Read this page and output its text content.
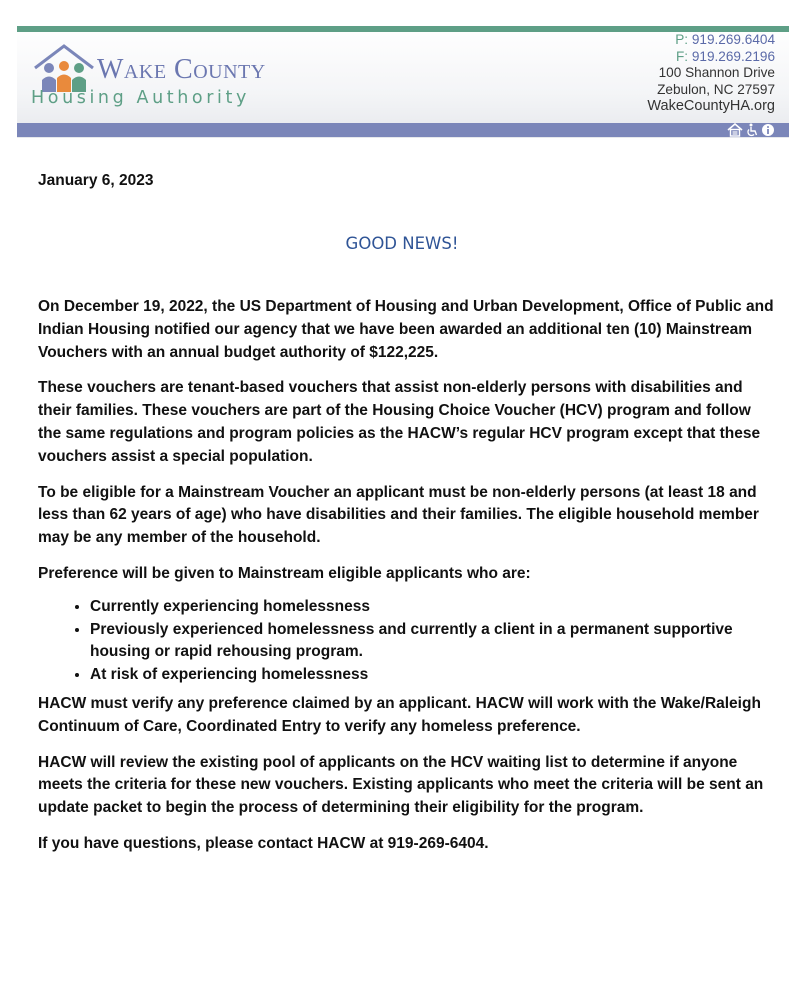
Wake County
Housing Authority
P: 919.269.6404
F: 919.269.2196
100 Shannon Drive
Zebulon, NC 27597
WakeCountyHA.org
January 6, 2023
GOOD NEWS!

On December 19, 2022, the US Department of Housing and Urban Development, Office of Public and Indian Housing notified our agency that we have been awarded an additional ten (10) Mainstream Vouchers with an annual budget authority of $122,225.

These vouchers are tenant-based vouchers that assist non-elderly persons with disabilities and their families. These vouchers are part of the Housing Choice Voucher (HCV) program and follow the same regulations and program policies as the HACW’s regular HCV program except that these vouchers assist a special population.

To be eligible for a Mainstream Voucher an applicant must be non-elderly persons (at least 18 and less than 62 years of age) who have disabilities and their families. The eligible household member may be any member of the household.

Preference will be given to Mainstream eligible applicants who are:

• Currently experiencing homelessness
• Previously experienced homelessness and currently a client in a permanent supportive housing or rapid rehousing program.
• At risk of experiencing homelessness

HACW must verify any preference claimed by an applicant. HACW will work with the Wake/Raleigh Continuum of Care, Coordinated Entry to verify any homeless preference.

HACW will review the existing pool of applicants on the HCV waiting list to determine if anyone meets the criteria for these new vouchers. Existing applicants who meet the criteria will be sent an update packet to begin the process of determining their eligibility for the program.

If you have questions, please contact HACW at 919-269-6404.
